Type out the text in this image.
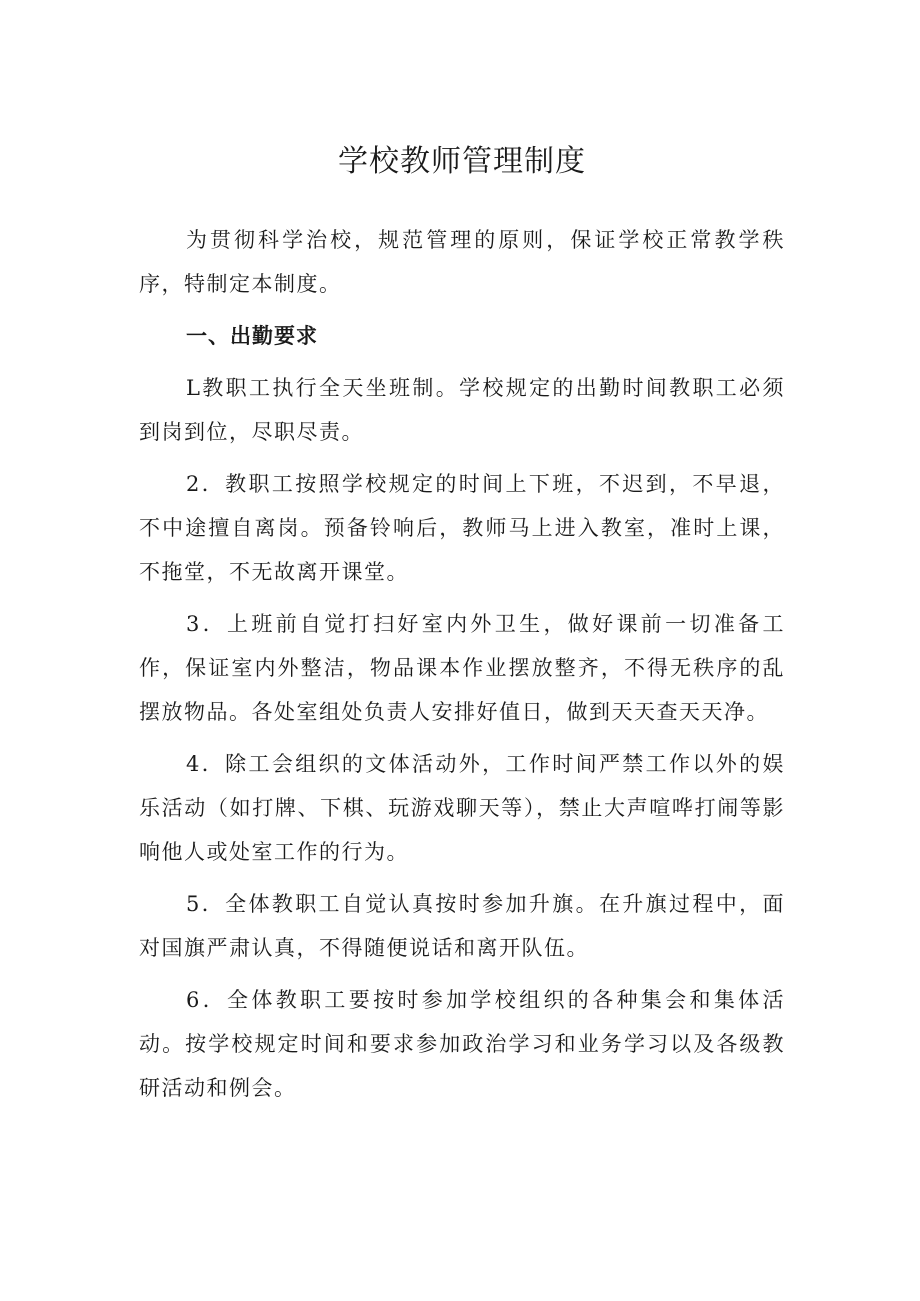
学校教师管理制度

为贯彻科学治校，规范管理的原则，保证学校正常教学秩序，特制定本制度。

一、出勤要求

L教职工执行全天坐班制。学校规定的出勤时间教职工必须到岗到位，尽职尽责。

2．教职工按照学校规定的时间上下班，不迟到，不早退，不中途擅自离岗。预备铃响后，教师马上进入教室，准时上课，不拖堂，不无故离开课堂。

3．上班前自觉打扫好室内外卫生，做好课前一切准备工作，保证室内外整洁，物品课本作业摆放整齐，不得无秩序的乱摆放物品。各处室组处负责人安排好值日，做到天天查天天净。

4．除工会组织的文体活动外，工作时间严禁工作以外的娱乐活动（如打牌、下棋、玩游戏聊天等），禁止大声喧哗打闹等影响他人或处室工作的行为。

5．全体教职工自觉认真按时参加升旗。在升旗过程中，面对国旗严肃认真，不得随便说话和离开队伍。

6．全体教职工要按时参加学校组织的各种集会和集体活动。按学校规定时间和要求参加政治学习和业务学习以及各级教研活动和例会。
